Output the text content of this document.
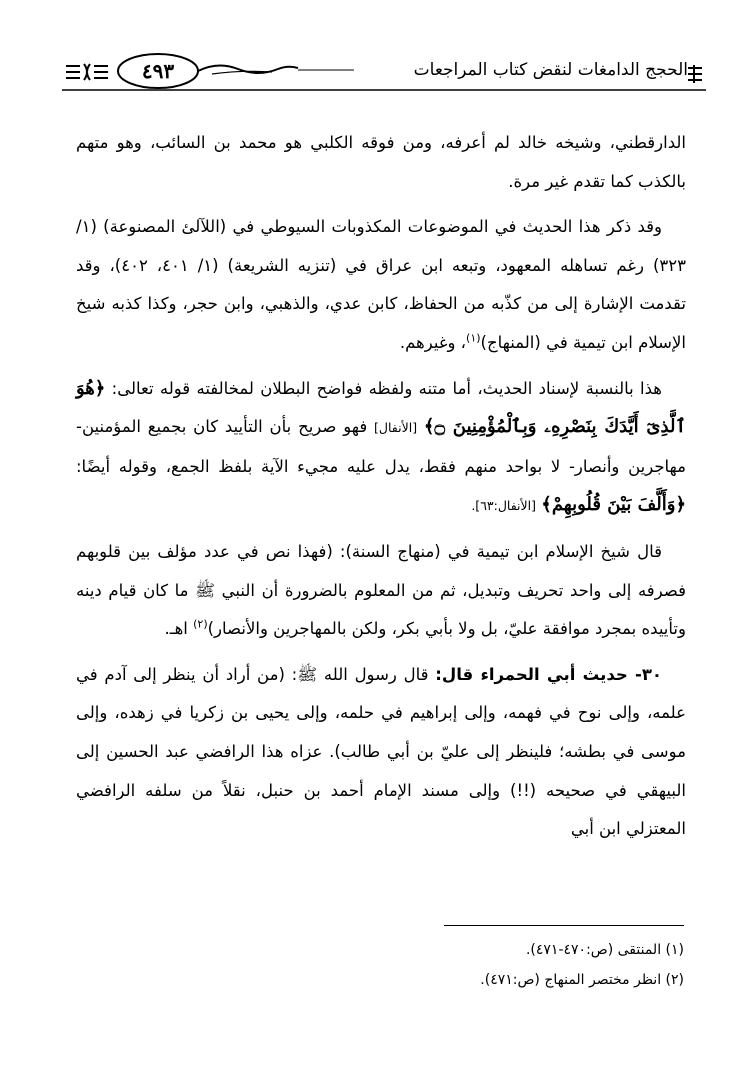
٤٩٣	الحجج الدامغات لنقض كتاب المراجعات

الدارقطني، وشيخه خالد لم أعرفه، ومن فوقه الكلبي هو محمد بن السائب، وهو متهم بالكذب كما تقدم غير مرة.

وقد ذكر هذا الحديث في الموضوعات المكذوبات السيوطي في (اللآلئ المصنوعة) (١/ ٣٢٣) رغم تساهله المعهود، وتبعه ابن عراق في (تنزيه الشريعة) (١/ ٤٠١، ٤٠٢)، وقد تقدمت الإشارة إلى من كذّبه من الحفاظ، كابن عدي، والذهبي، وابن حجر، وكذا كذبه شيخ الإسلام ابن تيمية في (المنهاج)$^{(١)}$، وغيرهم.

هذا بالنسبة لإسناد الحديث، أما متنه ولفظه فواضح البطلان لمخالفته قوله تعالى: ﴿هُوَ ٱلَّذِىٓ أَيَّدَكَ بِنَصْرِهِۦ وَبِٱلْمُؤْمِنِينَ ۝﴾ [الأنفال] فهو صريح بأن التأييد كان بجميع المؤمنين- مهاجرين وأنصار- لا بواحد منهم فقط، يدل عليه مجيء الآية بلفظ الجمع، وقوله أيضًا: ﴿وَأَلَّفَ بَيْنَ قُلُوبِهِمْ﴾ [الأنفال:٦٣].

قال شيخ الإسلام ابن تيمية في (منهاج السنة): (فهذا نص في عدد مؤلف بين قلوبهم فصرفه إلى واحد تحريف وتبديل، ثم من المعلوم بالضرورة أن النبي ﷺ ما كان قيام دينه وتأييده بمجرد موافقة عليّ، بل ولا بأبي بكر، ولكن بالمهاجرين والأنصار)$^{(٢)}$ اهـ.

٣٠- حديث أبي الحمراء قال: قال رسول الله ﷺ: (من أراد أن ينظر إلى آدم في علمه، وإلى نوح في فهمه، وإلى إبراهيم في حلمه، وإلى يحيى بن زكريا في زهده، وإلى موسى في بطشه؛ فلينظر إلى عليّ بن أبي طالب). عزاه هذا الرافضي عبد الحسين إلى البيهقي في صحيحه (!!) وإلى مسند الإمام أحمد بن حنبل، نقلاً من سلفه الرافضي المعتزلي ابن أبي

(١) المنتقى (ص:٤٧٠-٤٧١).
(٢) انظر مختصر المنهاج (ص:٤٧١).
